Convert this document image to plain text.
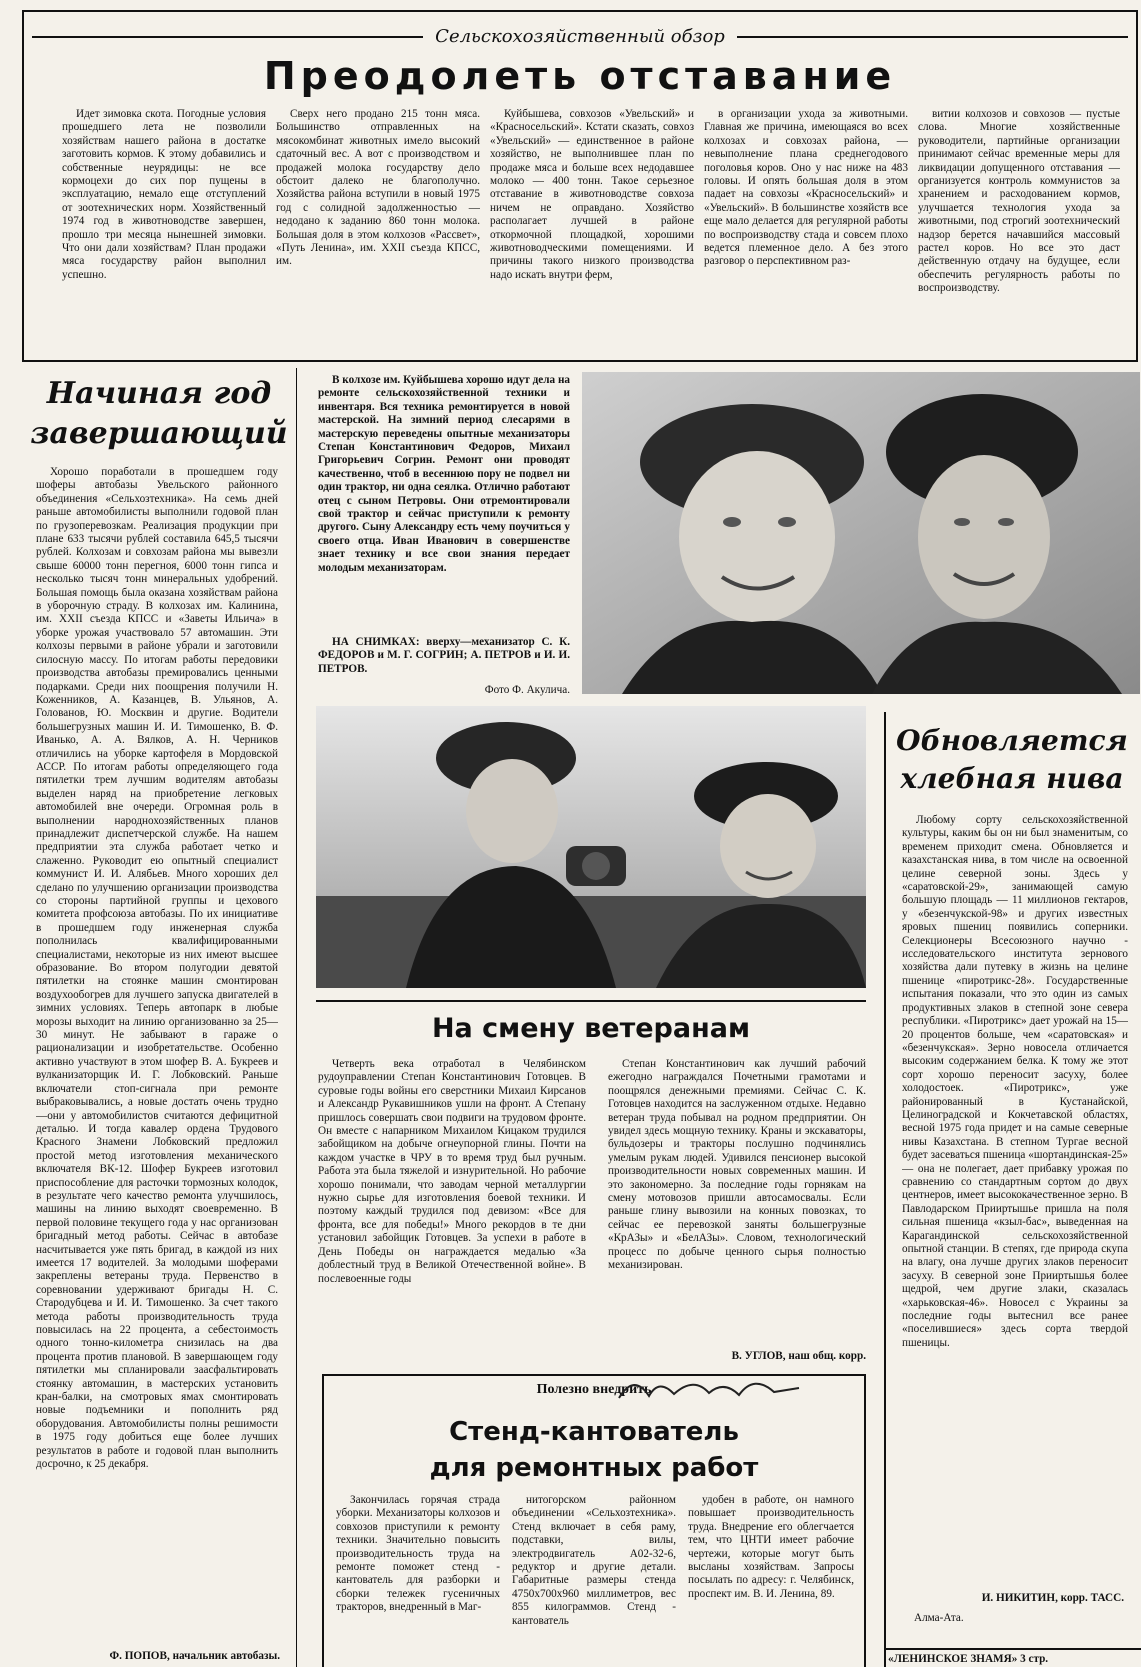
Сельскохозяйственный обзор
Преодолеть отставание

Идет зимовка скота. Погодные условия прошедшего лета не позволили хозяйствам нашего района в достатке заготовить кормов. К этому добавились и собственные неурядицы: не все кормоцехи до сих пор пущены в эксплуатацию, немало еще отступлений от зоотехнических норм. Хозяйственный 1974 год в животноводстве завершен, прошло три месяца нынешней зимовки. Что они дали хозяйствам? План продажи мяса государству район выполнил успешно.

Сверх него продано 215 тонн мяса. Большинство отправленных на мясокомбинат животных имело высокий сдаточный вес. А вот с производством и продажей молока государству дело обстоит далеко не благополучно. Хозяйства района вступили в новый 1975 год с солидной задолженностью — недодано к заданию 860 тонн молока. Большая доля в этом колхозов «Рассвет», «Путь Ленина», им. XXII съезда КПСС, им.

Куйбышева, совхозов «Увельский» и «Красносельский». Кстати сказать, совхоз «Увельский» — единственное в районе хозяйство, не выполнившее план по продаже мяса и больше всех недодавшее молоко — 400 тонн. Такое серьезное отставание в животноводстве совхоза ничем не оправдано. Хозяйство располагает лучшей в районе откормочной площадкой, хорошими животноводческими помещениями. И причины такого низкого производства надо искать внутри ферм,

в организации ухода за животными. Главная же причина, имеющаяся во всех колхозах и совхозах района, — невыполнение плана среднегодового поголовья коров. Оно у нас ниже на 483 головы. И опять большая доля в этом падает на совхозы «Красносельский» и «Увельский». В большинстве хозяйств все еще мало делается для регулярной работы по воспроизводству стада и совсем плохо ведется племенное дело. А без этого разговор о перспективном раз-

витии колхозов и совхозов — пустые слова. Многие хозяйственные руководители, партийные организации принимают сейчас временные меры для ликвидации допущенного отставания — организуется контроль коммунистов за хранением и расходованием кормов, улучшается технология ухода за животными, под строгий зоотехнический надзор берется начавшийся массовый растел коров. Но все это даст действенную отдачу на будущее, если обеспечить регулярность работы по воспроизводству.

Начиная год
завершающий

Хорошо поработали в прошедшем году шоферы автобазы Увельского районного объединения «Сельхозтехника». На семь дней раньше автомобилисты выполнили годовой план по грузоперевозкам. Реализация продукции при плане 633 тысячи рублей составила 645,5 тысячи рублей. Колхозам и совхозам района мы вывезли свыше 60000 тонн перегноя, 6000 тонн гипса и несколько тысяч тонн минеральных удобрений. Большая помощь была оказана хозяйствам района в уборочную страду. В колхозах им. Калинина, им. XXII съезда КПСС и «Заветы Ильича» в уборке урожая участвовало 57 автомашин. Эти колхозы первыми в районе убрали и заготовили силосную массу. По итогам работы передовики производства автобазы премировались ценными подарками. Среди них поощрения получили Н. Коженников, А. Казанцев, В. Ульянов, А. Голованов, Ю. Москвин и другие. Водители большегрузных машин И. И. Тимошенко, В. Ф. Иванько, А. А. Вялков, А. Н. Черников отличились на уборке картофеля в Мордовской АССР. По итогам работы определяющего года пятилетки трем лучшим водителям автобазы выделен наряд на приобретение легковых автомобилей вне очереди. Огромная роль в выполнении народнохозяйственных планов принадлежит диспетчерской службе. На нашем предприятии эта служба работает четко и слаженно. Руководит ею опытный специалист коммунист И. И. Алябьев. Много хороших дел сделано по улучшению организации производства со стороны партийной группы и цехового комитета профсоюза автобазы. По их инициативе в прошедшем году инженерная служба пополнилась квалифицированными специалистами, некоторые из них имеют высшее образование. Во втором полугодии девятой пятилетки на стоянке машин смонтирован воздухообогрев для лучшего запуска двигателей в зимних условиях. Теперь автопарк в любые морозы выходит на линию организованно за 25—30 минут. Не забывают в гараже о рационализации и изобретательстве. Особенно активно участвуют в этом шофер В. А. Букреев и вулканизаторщик И. Г. Лобковский. Раньше включатели стоп-сигнала при ремонте выбраковывались, а новые достать очень трудно—они у автомобилистов считаются дефицитной деталью. И тогда кавалер ордена Трудового Красного Знамени Лобковский предложил простой метод изготовления механического включателя ВК-12. Шофер Букреев изготовил приспособление для расточки тормозных колодок, в результате чего качество ремонта улучшилось, машины на линию выходят своевременно. В первой половине текущего года у нас организован бригадный метод работы. Сейчас в автобазе насчитывается уже пять бригад, в каждой из них имеется 17 водителей. За молодыми шоферами закреплены ветераны труда. Первенство в соревновании удерживают бригады Н. С. Стародубцева и И. И. Тимошенко. За счет такого метода работы производительность труда повысилась на 22 процента, а себестоимость одного тонно-километра снизилась на два процента против плановой. В завершающем году пятилетки мы спланировали заасфальтировать стоянку автомашин, в мастерских установить кран-балки, на смотровых ямах смонтировать новые подъемники и пополнить ряд оборудования. Автомобилисты полны решимости в 1975 году добиться еще более лучших результатов в работе и годовой план выполнить досрочно, к 25 декабря.

Ф. ПОПОВ, начальник автобазы.

В колхозе им. Куйбышева хорошо идут дела на ремонте сельскохозяйственной техники и инвентаря. Вся техника ремонтируется в новой мастерской. На зимний период слесарями в мастерскую переведены опытные механизаторы Степан Константинович Федоров, Михаил Григорьевич Согрин. Ремонт они проводят качественно, чтоб в весеннюю пору не подвел ни один трактор, ни одна сеялка. Отлично работают отец с сыном Петровы. Они отремонтировали свой трактор и сейчас приступили к ремонту другого. Сыну Александру есть чему поучиться у своего отца. Иван Иванович в совершенстве знает технику и все свои знания передает молодым механизаторам.

НА СНИМКАХ: вверху—механизатор С. К. ФЕДОРОВ и М. Г. СОГРИН; А. ПЕТРОВ и И. И. ПЕТРОВ.

Фото Ф. Акулича.
На смену ветеранам

Четверть века отработал в Челябинском рудоуправлении Степан Константинович Готовцев. В суровые годы войны его сверстники Михаил Кирсанов и Александр Рукавишников ушли на фронт. А Степану пришлось совершать свои подвиги на трудовом фронте. Он вместе с напарником Михаилом Кицаком трудился забойщиком на добыче огнеупорной глины. Почти на каждом участке в ЧРУ в то время труд был ручным. Работа эта была тяжелой и изнурительной. Но рабочие хорошо понимали, что заводам черной металлургии нужно сырье для изготовления боевой техники. И поэтому каждый трудился под девизом: «Все для фронта, все для победы!» Много рекордов в те дни установил забойщик Готовцев. За успехи в работе в День Победы он награждается медалью «За доблестный труд в Великой Отечественной войне». В послевоенные годы

Степан Константинович как лучший рабочий ежегодно награждался Почетными грамотами и поощрялся денежными премиями. Сейчас С. К. Готовцев находится на заслуженном отдыхе. Недавно ветеран труда побывал на родном предприятии. Он увидел здесь мощную технику. Краны и экскаваторы, бульдозеры и тракторы послушно подчинялись умелым рукам людей. Удивился пенсионер высокой производительности новых современных машин. И это закономерно. За последние годы горнякам на смену мотовозов пришли автосамосвалы. Если раньше глину вывозили на конных повозках, то сейчас ее перевозкой заняты большегрузные «КрАЗы» и «БелАЗы». Словом, технологический процесс по добыче ценного сырья полностью механизирован.

В. УГЛОВ, наш общ. корр.
Полезно внедрить
Стенд-кантователь
для ремонтных работ

Закончилась горячая страда уборки. Механизаторы колхозов и совхозов приступили к ремонту техники. Значительно повысить производительность труда на ремонте поможет стенд - кантователь для разборки и сборки тележек гусеничных тракторов, внедренный в Маг-

нитогорском районном объединении «Сельхозтехника». Стенд включает в себя раму, подставки, вилы, электродвигатель А02-32-6, редуктор и другие детали. Габаритные размеры стенда 4750x700x960 миллиметров, вес 855 килограммов. Стенд - кантователь

удобен в работе, он намного повышает производительность труда. Внедрение его облегчается тем, что ЦНТИ имеет рабочие чертежи, которые могут быть высланы хозяйствам. Запросы посылать по адресу: г. Челябинск, проспект им. В. И. Ленина, 89.

Обновляется
хлебная нива

Любому сорту сельскохозяйственной культуры, каким бы он ни был знаменитым, со временем приходит смена. Обновляется и казахстанская нива, в том числе на освоенной целине северной зоны. Здесь у «саратовской-29», занимающей самую большую площадь — 11 миллионов гектаров, у «безенчукской-98» и других известных яровых пшениц появились соперники. Селекционеры Всесоюзного научно - исследовательского института зернового хозяйства дали путевку в жизнь на целине пшенице «пиротрикс-28». Государственные испытания показали, что это один из самых продуктивных злаков в степной зоне севера республики. «Пиротрикс» дает урожай на 15—20 процентов больше, чем «саратовская» и «безенчукская». Зерно новосела отличается высоким содержанием белка. К тому же этот сорт хорошо переносит засуху, более холодостоек. «Пиротрикс», уже районированный в Кустанайской, Целиноградской и Кокчетавской областях, весной 1975 года придет и на самые северные нивы Казахстана. В степном Тургае весной будет засеваться пшеница «шортандинская-25» — она не полегает, дает прибавку урожая по сравнению со стандартным сортом до двух центнеров, имеет высококачественное зерно. В Павлодарском Прииртышье пришла на поля сильная пшеница «кзыл-бас», выведенная на Карагандинской сельскохозяйственной опытной станции. В степях, где природа скупа на влагу, она лучше других злаков переносит засуху. В северной зоне Прииртышья более щедрой, чем другие злаки, сказалась «харьковская-46». Новосел с Украины за последние годы вытеснил все ранее «поселившиеся» здесь сорта твердой пшеницы.

И. НИКИТИН, корр. ТАСС.
Алма-Ата.
«ЛЕНИНСКОЕ ЗНАМЯ» 3 стр.
